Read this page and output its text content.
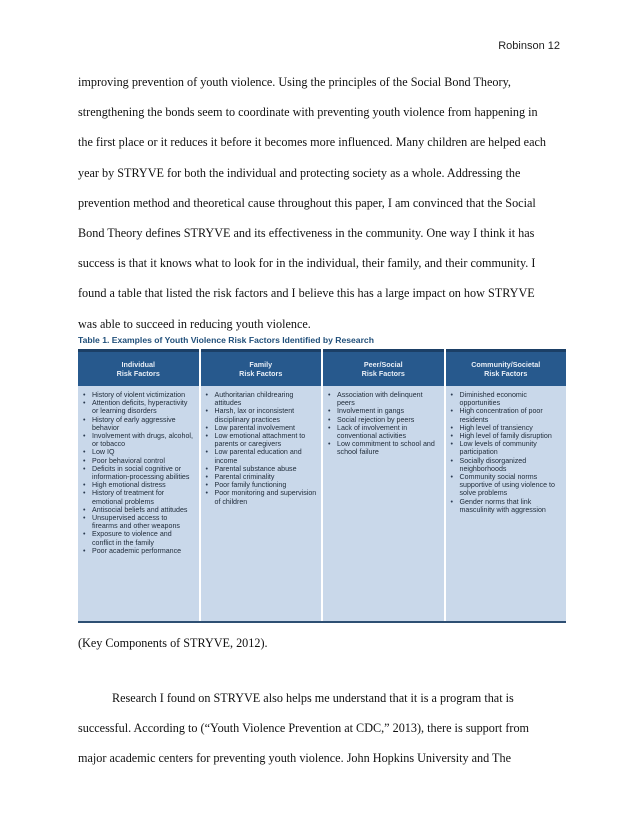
Robinson 12

improving prevention of youth violence. Using the principles of the Social Bond Theory,

strengthening the bonds seem to coordinate with preventing youth violence from happening in

the first place or it reduces it before it becomes more influenced. Many children are helped each

year by STRYVE for both the individual and protecting society as a whole. Addressing the

prevention method and theoretical cause throughout this paper, I am convinced that the Social

Bond Theory defines STRYVE and its effectiveness in the community. One way I think it has

success is that it knows what to look for in the individual, their family, and their community. I

found a table that listed the risk factors and I believe this has a large impact on how STRYVE

was able to succeed in reducing youth violence.

Table 1. Examples of Youth Violence Risk Factors Identified by Research
Individual
Risk Factors
• History of violent victimization
• Attention deficits, hyperactivity or learning disorders
• History of early aggressive behavior
• Involvement with drugs, alcohol, or tobacco
• Low IQ
• Poor behavioral control
• Deficits in social cognitive or information-processing abilities
• High emotional distress
• History of treatment for emotional problems
• Antisocial beliefs and attitudes
• Unsupervised access to firearms and other weapons
• Exposure to violence and conflict in the family
• Poor academic performance
Family
Risk Factors
• Authoritarian childrearing attitudes
• Harsh, lax or inconsistent disciplinary practices
• Low parental involvement
• Low emotional attachment to parents or caregivers
• Low parental education and income
• Parental substance abuse
• Parental criminality
• Poor family functioning
• Poor monitoring and supervision of children
Peer/Social
Risk Factors
• Association with delinquent peers
• Involvement in gangs
• Social rejection by peers
• Lack of involvement in conventional activities
• Low commitment to school and school failure
Community/Societal
Risk Factors
• Diminished economic opportunities
• High concentration of poor residents
• High level of transiency
• High level of family disruption
• Low levels of community participation
• Socially disorganized neighborhoods
• Community social norms supportive of using violence to solve problems
• Gender norms that link masculinity with aggression
(Key Components of STRYVE, 2012).

Research I found on STRYVE also helps me understand that it is a program that is

successful. According to (“Youth Violence Prevention at CDC,” 2013), there is support from

major academic centers for preventing youth violence. John Hopkins University and The
